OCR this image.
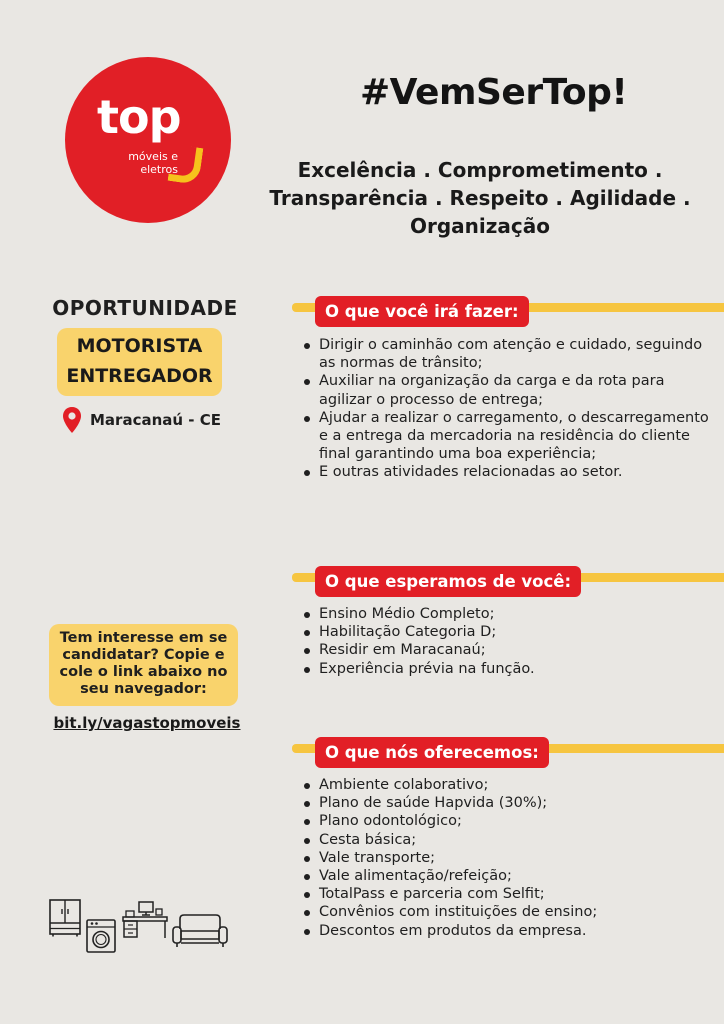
top
móveis e
eletros
#VemSerTop!
Excelência . Comprometimento .
Transparência . Respeito . Agilidade .
Organização
OPORTUNIDADE
MOTORISTA
ENTREGADOR
Maracanaú - CE
Tem interesse em se
candidatar? Copie e
cole o link abaixo no
seu navegador:
bit.ly/vagastopmoveis
O que você irá fazer:
Dirigir o caminhão com atenção e cuidado, seguindo as normas de trânsito;
Auxiliar na organização da carga e da rota para agilizar o processo de entrega;
Ajudar a realizar o carregamento, o descarregamento e a entrega da mercadoria na residência do cliente final garantindo uma boa experiência;
E outras atividades relacionadas ao setor.
O que esperamos de você:
Ensino Médio Completo;
Habilitação Categoria D;
Residir em Maracanaú;
Experiência prévia na função.
O que nós oferecemos:
Ambiente colaborativo;
Plano de saúde Hapvida (30%);
Plano odontológico;
Cesta básica;
Vale transporte;
Vale alimentação/refeição;
TotalPass e parceria com Selfit;
Convênios com instituições de ensino;
Descontos em produtos da empresa.
